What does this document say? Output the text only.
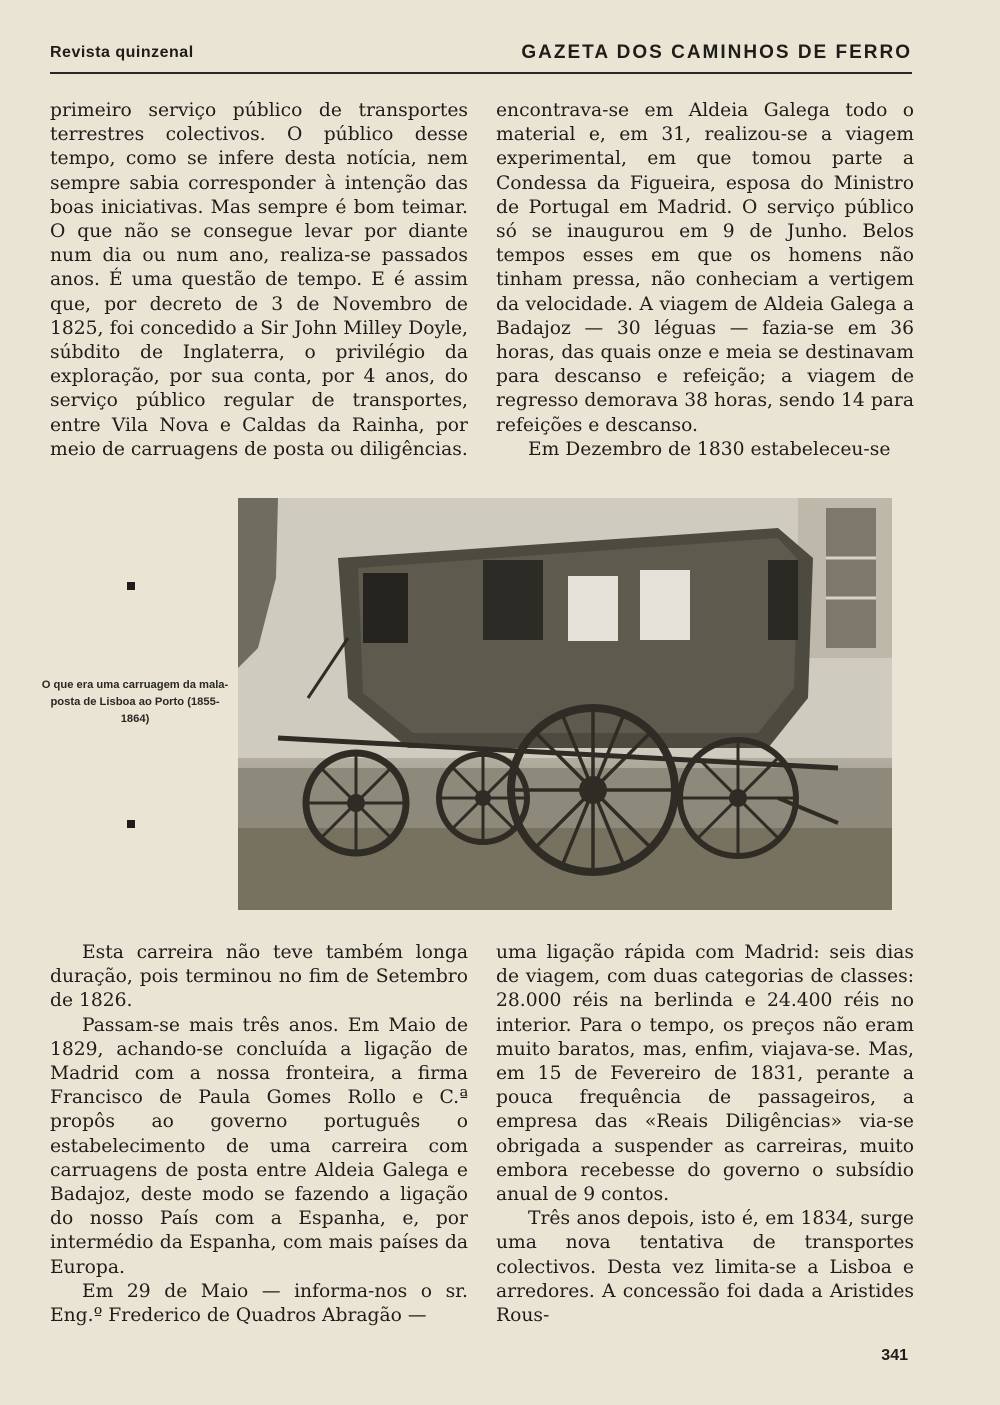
Revista quinzenal	GAZETA DOS CAMINHOS DE FERRO

primeiro serviço público de transportes terrestres colectivos. O público desse tempo, como se infere desta notícia, nem sempre sabia corresponder à intenção das boas iniciativas. Mas sempre é bom teimar. O que não se consegue levar por diante num dia ou num ano, realiza-se passados anos. É uma questão de tempo. E é assim que, por decreto de 3 de Novembro de 1825, foi concedido a Sir John Milley Doyle, súbdito de Inglaterra, o privilégio da exploração, por sua conta, por 4 anos, do serviço público regular de transportes, entre Vila Nova e Caldas da Rainha, por meio de carruagens de posta ou diligências.

encontrava-se em Aldeia Galega todo o material e, em 31, realizou-se a viagem experimental, em que tomou parte a Condessa da Figueira, esposa do Ministro de Portugal em Madrid. O serviço público só se inaugurou em 9 de Junho. Belos tempos esses em que os homens não tinham pressa, não conheciam a vertigem da velocidade. A viagem de Aldeia Galega a Badajoz — 30 léguas — fazia-se em 36 horas, das quais onze e meia se destinavam para descanso e refeição; a viagem de regresso demorava 38 horas, sendo 14 para refeições e descanso.

Em Dezembro de 1830 estabeleceu-se

O que era uma carruagem da mala-posta de Lisboa ao Porto (1855-1864)

Esta carreira não teve também longa duração, pois terminou no fim de Setembro de 1826.

Passam-se mais três anos. Em Maio de 1829, achando-se concluída a ligação de Madrid com a nossa fronteira, a firma Francisco de Paula Gomes Rollo e C.ª propôs ao governo português o estabelecimento de uma carreira com carruagens de posta entre Aldeia Galega e Badajoz, deste modo se fazendo a ligação do nosso País com a Espanha, e, por intermédio da Espanha, com mais países da Europa.

Em 29 de Maio — informa-nos o sr. Eng.º Frederico de Quadros Abragão —

uma ligação rápida com Madrid: seis dias de viagem, com duas categorias de classes: 28.000 réis na berlinda e 24.400 réis no interior. Para o tempo, os preços não eram muito baratos, mas, enfim, viajava-se. Mas, em 15 de Fevereiro de 1831, perante a pouca frequência de passageiros, a empresa das «Reais Diligências» via-se obrigada a suspender as carreiras, muito embora recebesse do governo o subsídio anual de 9 contos.

Três anos depois, isto é, em 1834, surge uma nova tentativa de transportes colectivos. Desta vez limita-se a Lisboa e arredores. A concessão foi dada a Aristides Rous-

341
